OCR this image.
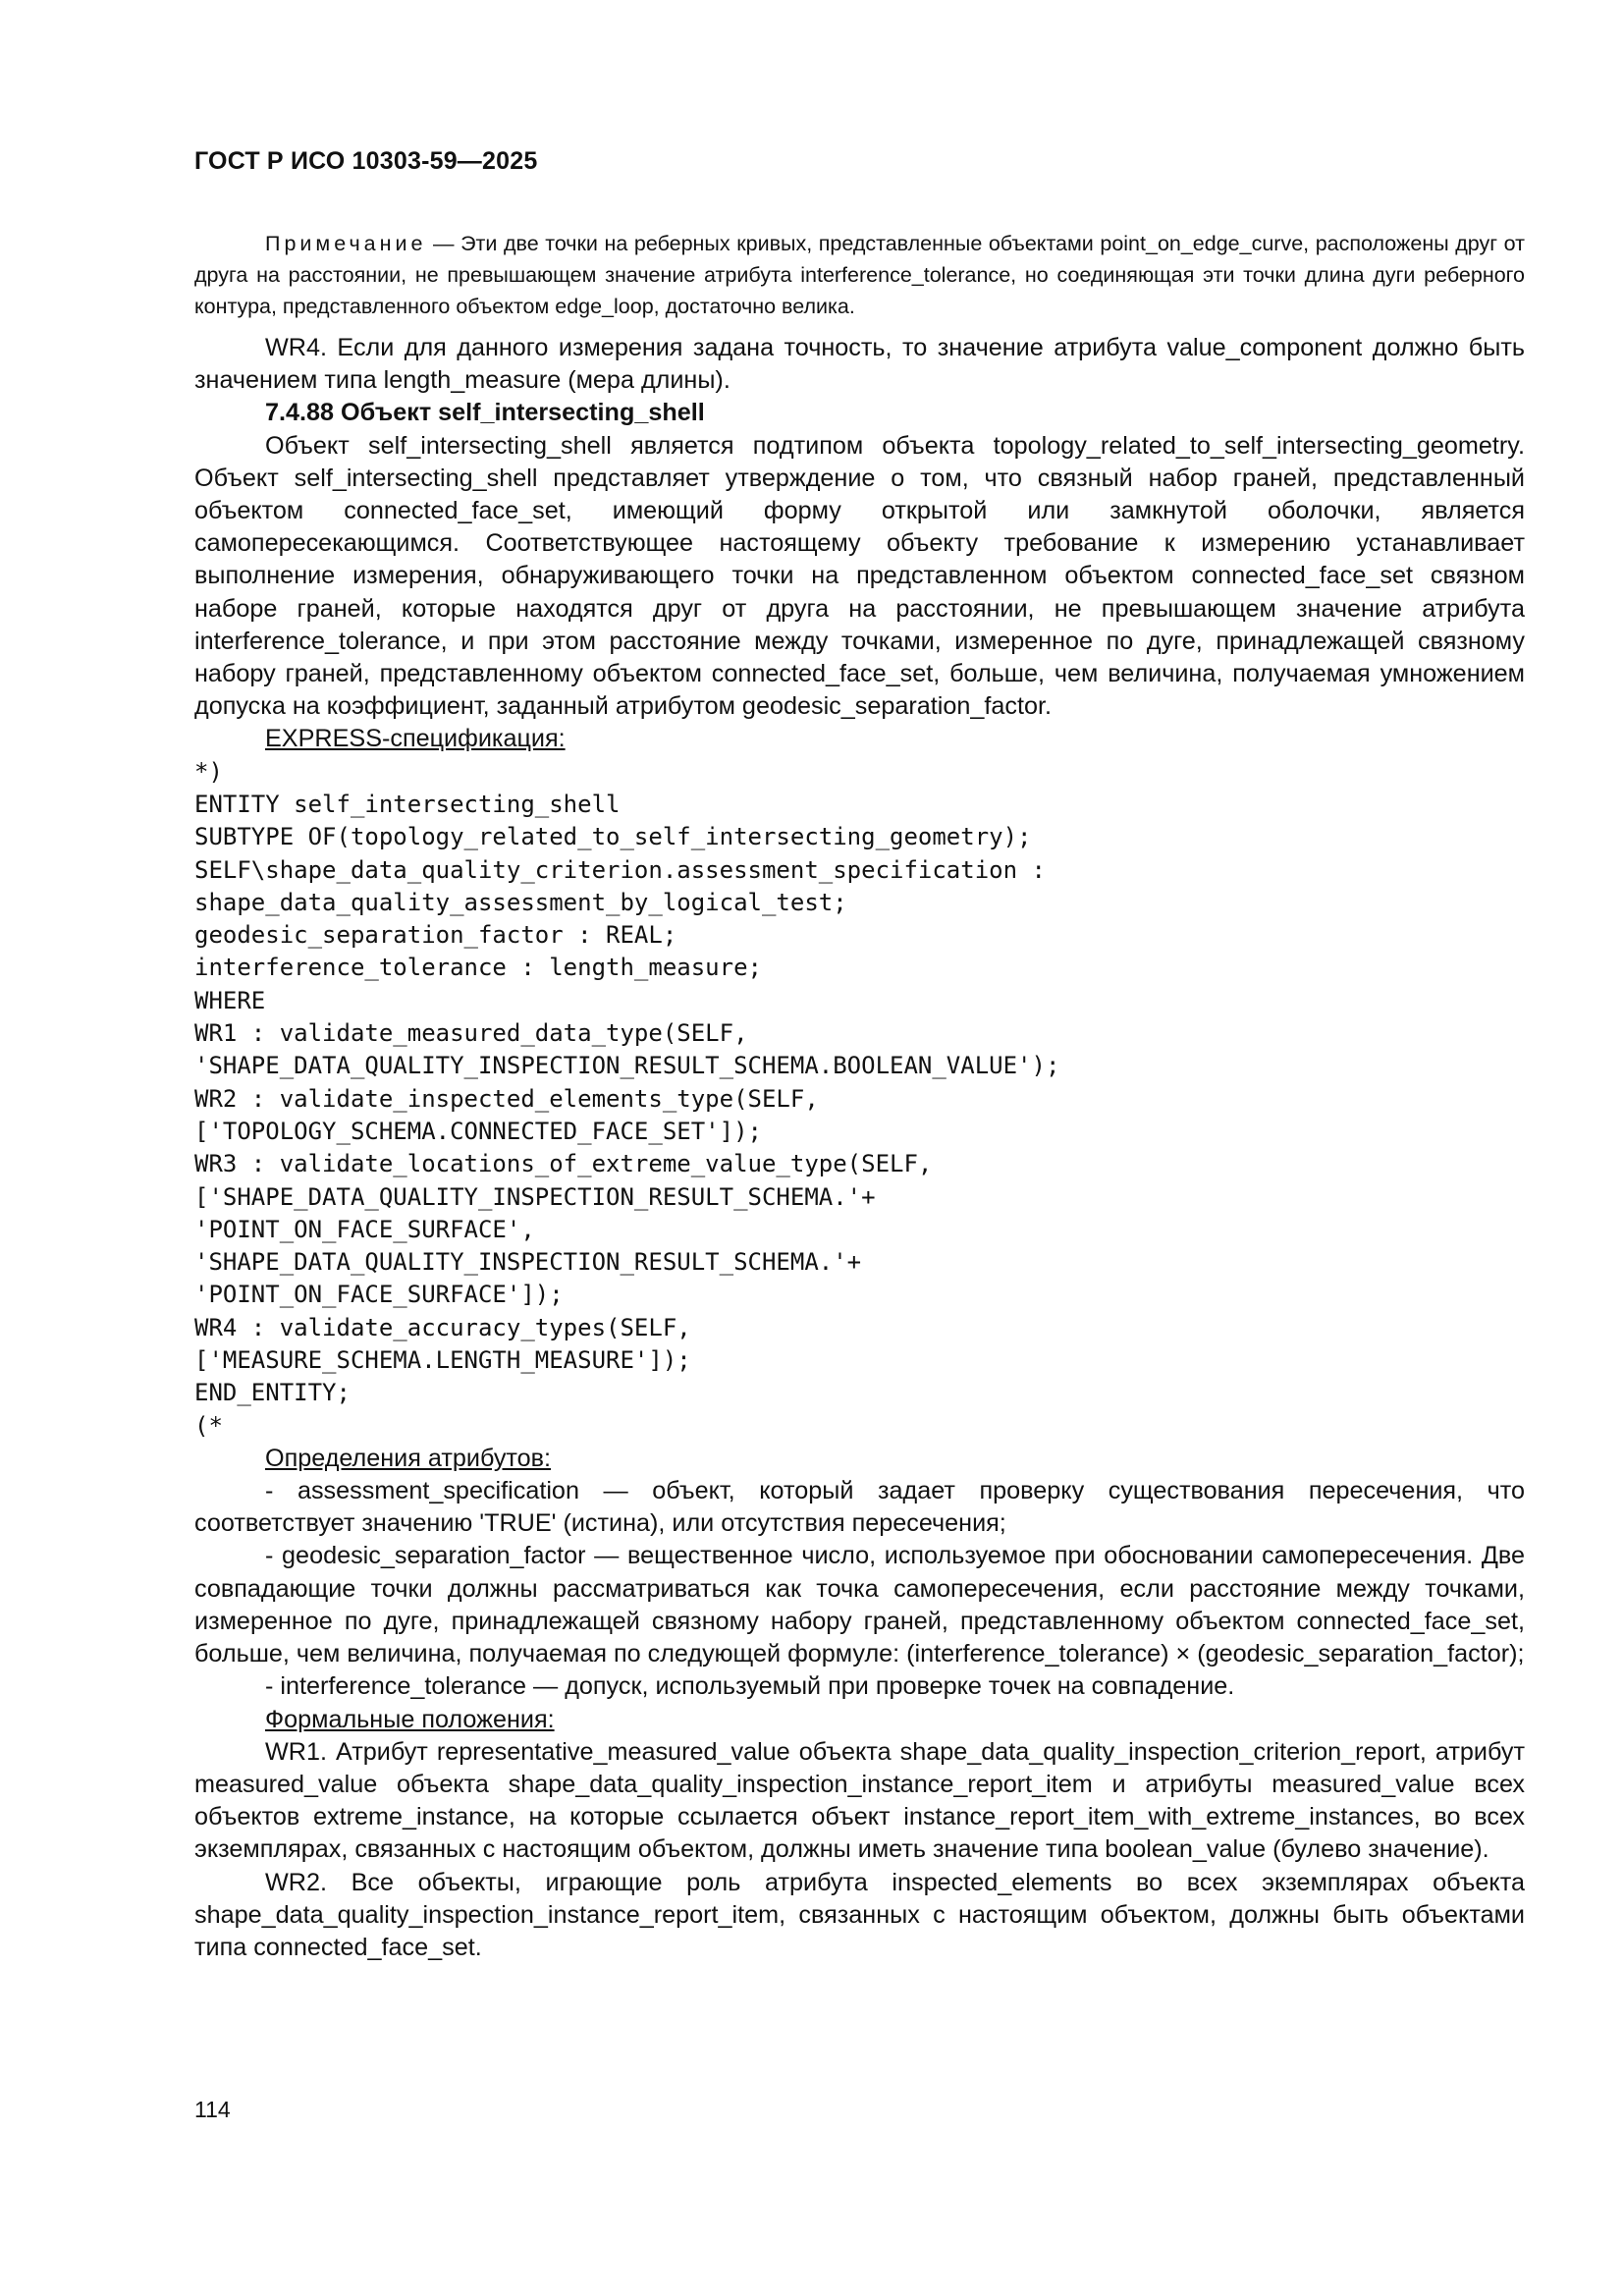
ГОСТ Р ИСО 10303-59—2025
Примечание — Эти две точки на реберных кривых, представленные объектами point_on_edge_curve, расположены друг от друга на расстоянии, не превышающем значение атрибута interference_tolerance, но соединяющая эти точки длина дуги реберного контура, представленного объектом edge_loop, достаточно велика.

WR4. Если для данного измерения задана точность, то значение атрибута value_component должно быть значением типа length_measure (мера длины).

7.4.88 Объект self_intersecting_shell

Объект self_intersecting_shell является подтипом объекта topology_related_to_self_intersecting_geometry. Объект self_intersecting_shell представляет утверждение о том, что связный набор граней, представленный объектом connected_face_set, имеющий форму открытой или замкнутой оболочки, является самопересекающимся. Соответствующее настоящему объекту требование к измерению устанавливает выполнение измерения, обнаруживающего точки на представленном объектом connected_face_set связном наборе граней, которые находятся друг от друга на расстоянии, не превышающем значение атрибута interference_tolerance, и при этом расстояние между точками, измеренное по дуге, принадлежащей связному набору граней, представленному объектом connected_face_set, больше, чем величина, получаемая умножением допуска на коэффициент, заданный атрибутом geodesic_separation_factor.

EXPRESS-спецификация:

*)
ENTITY self_intersecting_shell
SUBTYPE OF(topology_related_to_self_intersecting_geometry);
SELF\shape_data_quality_criterion.assessment_specification :
shape_data_quality_assessment_by_logical_test;
geodesic_separation_factor : REAL;
interference_tolerance : length_measure;
WHERE
WR1 : validate_measured_data_type(SELF,
'SHAPE_DATA_QUALITY_INSPECTION_RESULT_SCHEMA.BOOLEAN_VALUE');
WR2 : validate_inspected_elements_type(SELF,
['TOPOLOGY_SCHEMA.CONNECTED_FACE_SET']);
WR3 : validate_locations_of_extreme_value_type(SELF,
['SHAPE_DATA_QUALITY_INSPECTION_RESULT_SCHEMA.'+
'POINT_ON_FACE_SURFACE',
'SHAPE_DATA_QUALITY_INSPECTION_RESULT_SCHEMA.'+
'POINT_ON_FACE_SURFACE']);
WR4 : validate_accuracy_types(SELF,
['MEASURE_SCHEMA.LENGTH_MEASURE']);
END_ENTITY;
(*

Определения атрибутов:

- assessment_specification — объект, который задает проверку существования пересечения, что соответствует значению 'TRUE' (истина), или отсутствия пересечения;

- geodesic_separation_factor — вещественное число, используемое при обосновании самопересечения. Две совпадающие точки должны рассматриваться как точка самопересечения, если расстояние между точками, измеренное по дуге, принадлежащей связному набору граней, представленному объектом connected_face_set, больше, чем величина, получаемая по следующей формуле: (interference_tolerance) × (geodesic_separation_factor);

- interference_tolerance — допуск, используемый при проверке точек на совпадение.

Формальные положения:

WR1. Атрибут representative_measured_value объекта shape_data_quality_inspection_criterion_report, атрибут measured_value объекта shape_data_quality_inspection_instance_report_item и атрибуты measured_value всех объектов extreme_instance, на которые ссылается объект instance_report_item_with_extreme_instances, во всех экземплярах, связанных с настоящим объектом, должны иметь значение типа boolean_value (булево значение).

WR2. Все объекты, играющие роль атрибута inspected_elements во всех экземплярах объекта shape_data_quality_inspection_instance_report_item, связанных с настоящим объектом, должны быть объектами типа connected_face_set.

114
